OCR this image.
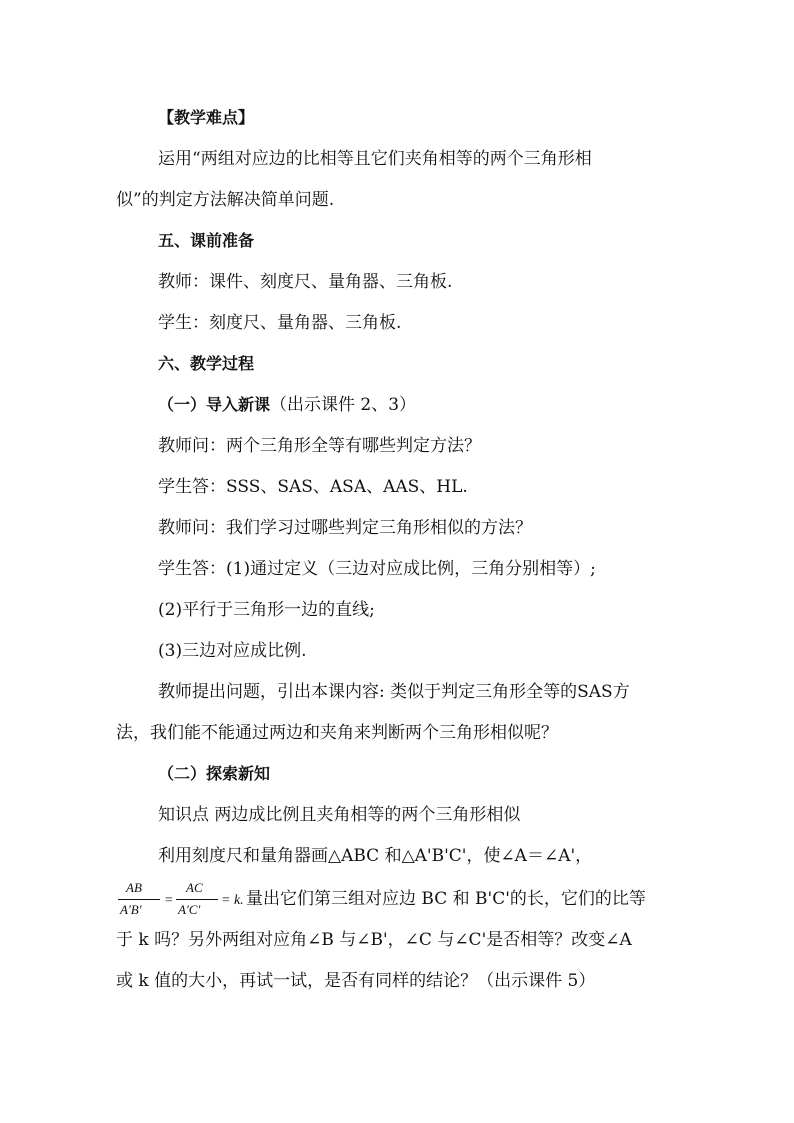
【教学难点】
运用“两组对应边的比相等且它们夹角相等的两个三角形相
似”的判定方法解决简单问题.
五、课前准备
教师：课件、刻度尺、量角器、三角板.
学生：刻度尺、量角器、三角板.
六、教学过程
（一）导入新课（出示课件 2、3）
教师问：两个三角形全等有哪些判定方法？
学生答：SSS、SAS、ASA、AAS、HL.
教师问：我们学习过哪些判定三角形相似的方法？
学生答：(1)通过定义（三边对应成比例，三角分别相等）;
(2)平行于三角形一边的直线;
(3)三边对应成比例.
教师提出问题，引出本课内容: 类似于判定三角形全等的SAS方
法，我们能不能通过两边和夹角来判断两个三角形相似呢？
（二）探索新知
知识点 两边成比例且夹角相等的两个三角形相似
利用刻度尺和量角器画△ABC 和△A'B'C'，使∠A＝∠A'，
AB
A′B′
=
AC
A′C′
= k. 量出它们第三组对应边 BC 和 B'C'的长，它们的比等
于 k 吗？另外两组对应角∠B 与∠B'，∠C 与∠C'是否相等？改变∠A
或 k 值的大小，再试一试，是否有同样的结论？（出示课件 5）
